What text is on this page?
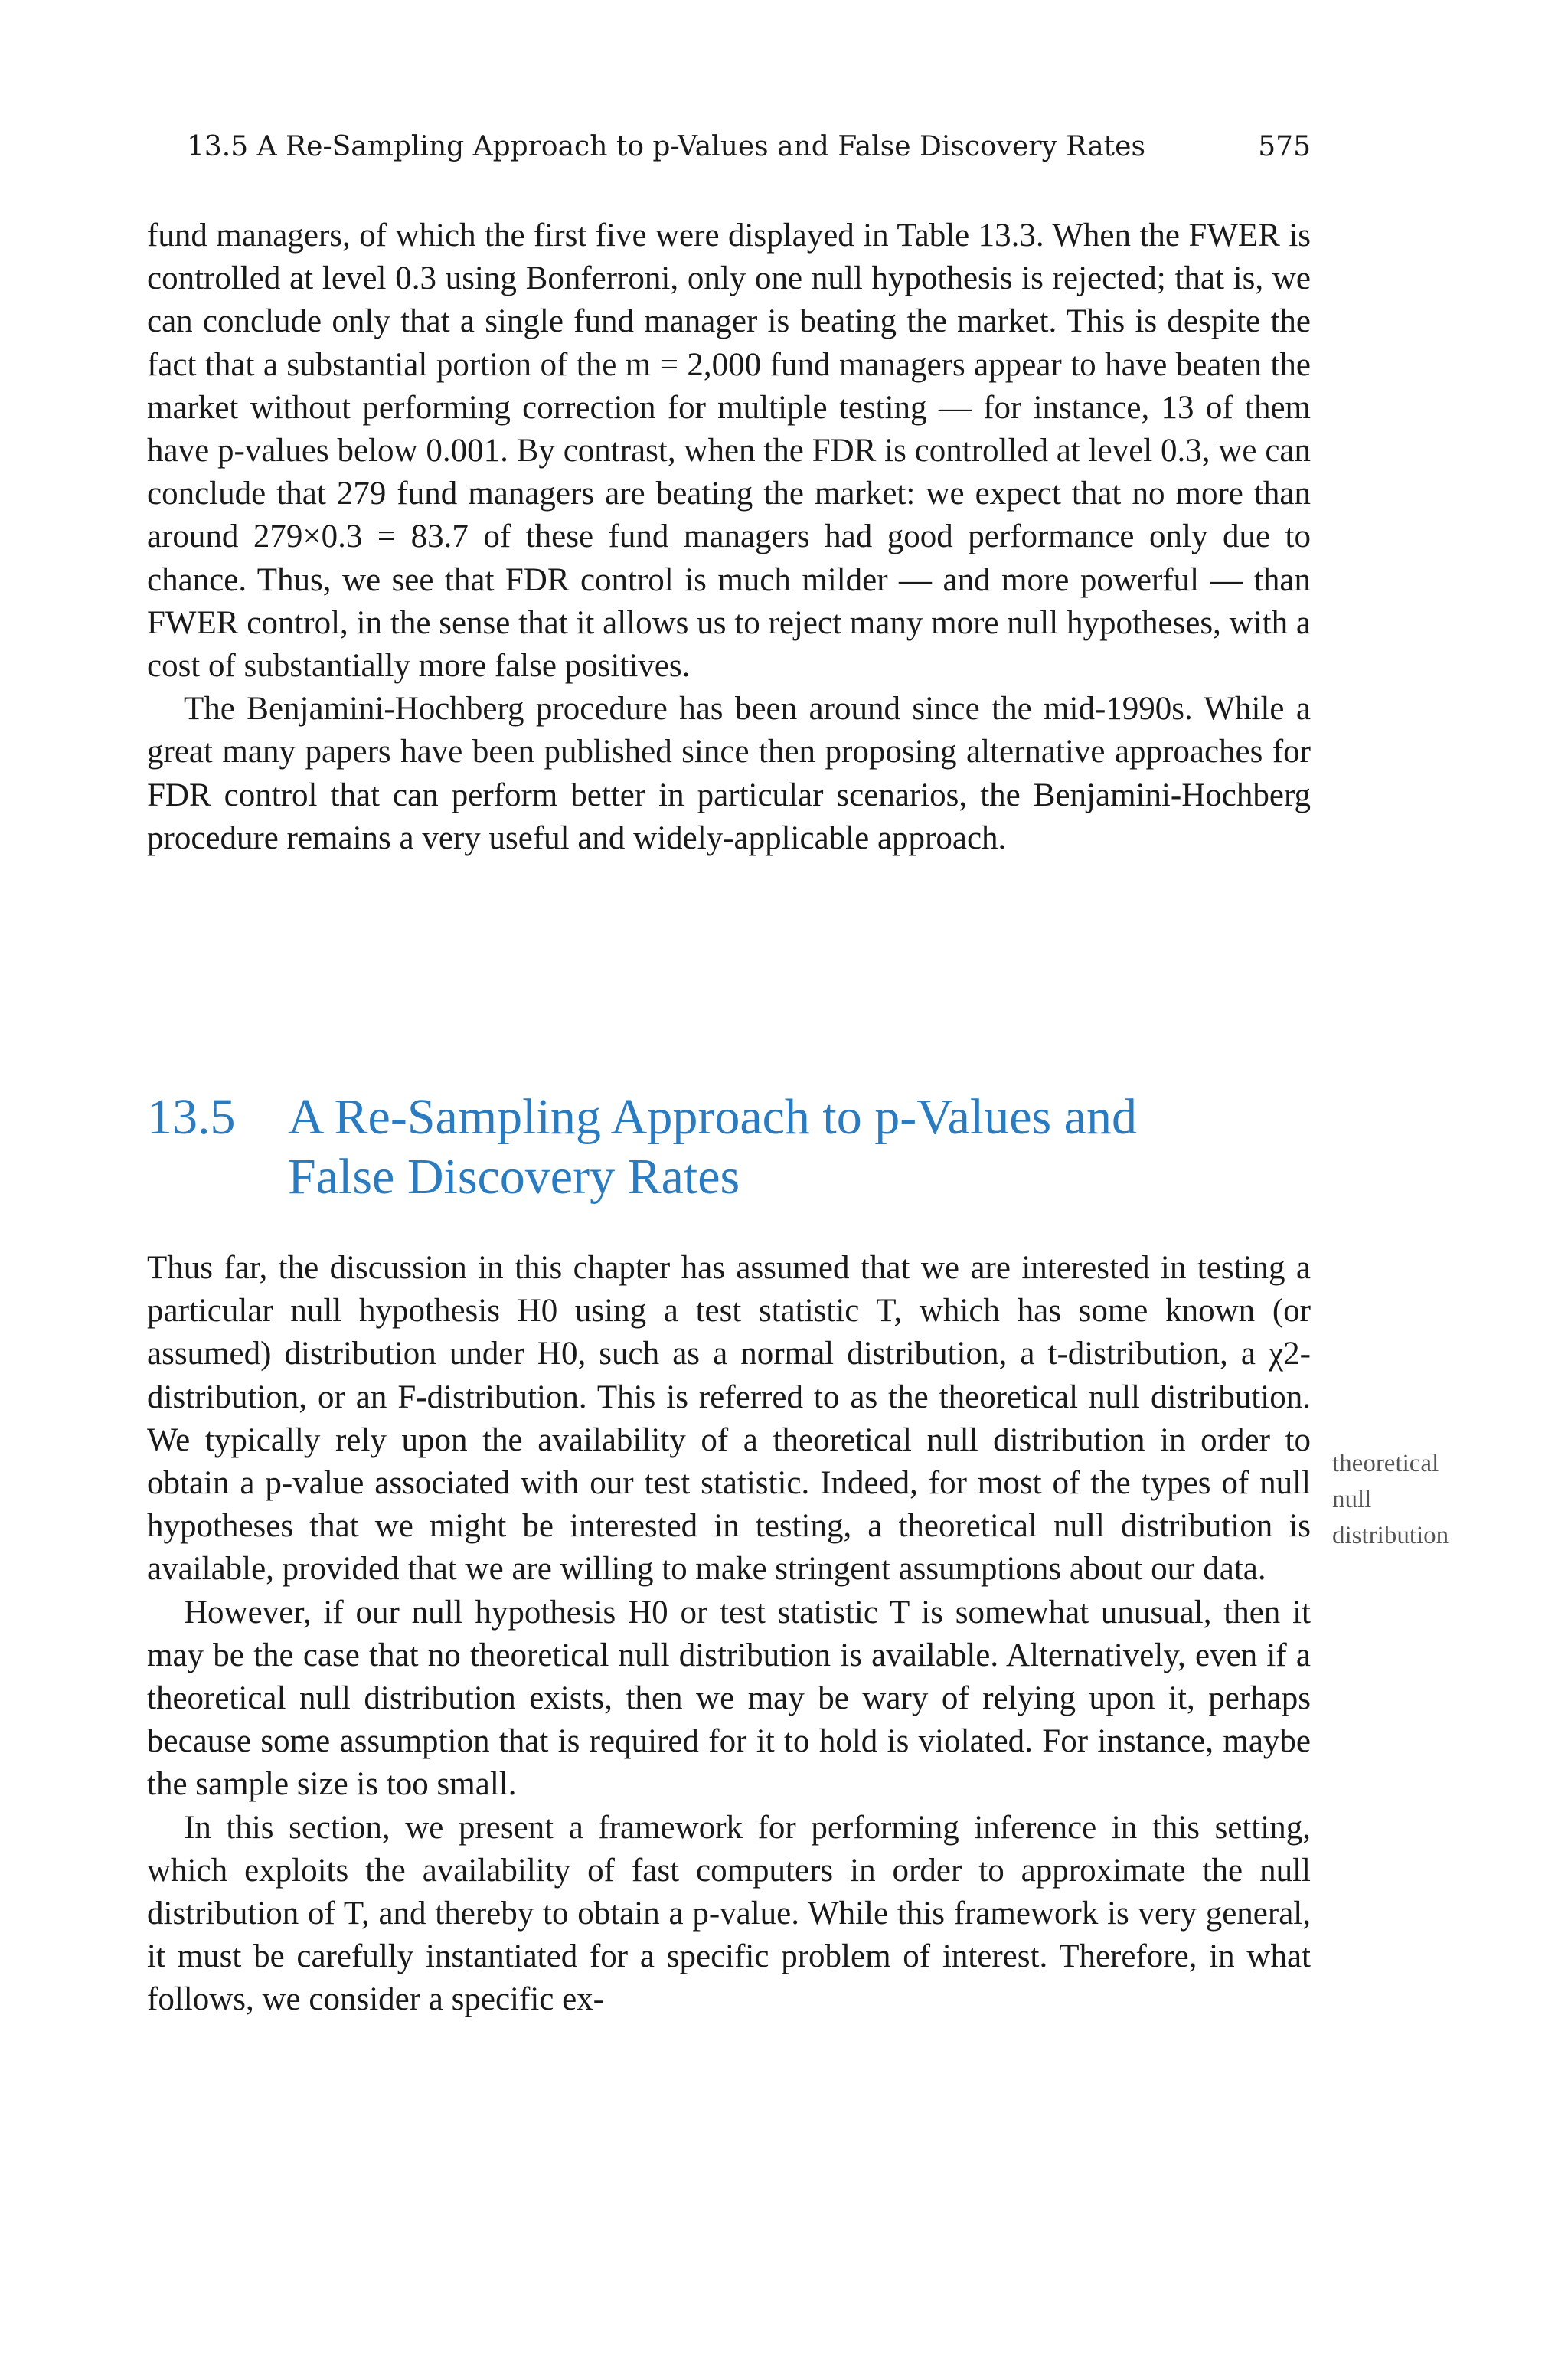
13.5 A Re-Sampling Approach to p-Values and False Discovery Rates	575

fund managers, of which the first five were displayed in Table 13.3. When the FWER is controlled at level 0.3 using Bonferroni, only one null hypothesis is rejected; that is, we can conclude only that a single fund manager is beating the market. This is despite the fact that a substantial portion of the m = 2,000 fund managers appear to have beaten the market without performing correction for multiple testing — for instance, 13 of them have p-values below 0.001. By contrast, when the FDR is controlled at level 0.3, we can conclude that 279 fund managers are beating the market: we expect that no more than around 279×0.3 = 83.7 of these fund managers had good performance only due to chance. Thus, we see that FDR control is much milder — and more powerful — than FWER control, in the sense that it allows us to reject many more null hypotheses, with a cost of substantially more false positives.

The Benjamini-Hochberg procedure has been around since the mid-1990s. While a great many papers have been published since then proposing alternative approaches for FDR control that can perform better in particular scenarios, the Benjamini-Hochberg procedure remains a very useful and widely-applicable approach.

13.5 A Re-Sampling Approach to p-Values and
False Discovery Rates

Thus far, the discussion in this chapter has assumed that we are interested in testing a particular null hypothesis H0 using a test statistic T, which has some known (or assumed) distribution under H0, such as a normal distribution, a t-distribution, a χ2-distribution, or an F-distribution. This is referred to as the theoretical null distribution. We typically rely upon the availability of a theoretical null distribution in order to obtain a p-value associated with our test statistic. Indeed, for most of the types of null hypotheses that we might be interested in testing, a theoretical null distribution is available, provided that we are willing to make stringent assumptions about our data.

However, if our null hypothesis H0 or test statistic T is somewhat unusual, then it may be the case that no theoretical null distribution is available. Alternatively, even if a theoretical null distribution exists, then we may be wary of relying upon it, perhaps because some assumption that is required for it to hold is violated. For instance, maybe the sample size is too small.

In this section, we present a framework for performing inference in this setting, which exploits the availability of fast computers in order to approximate the null distribution of T, and thereby to obtain a p-value. While this framework is very general, it must be carefully instantiated for a specific problem of interest. Therefore, in what follows, we consider a specific ex-

theoretical
null
distribution
